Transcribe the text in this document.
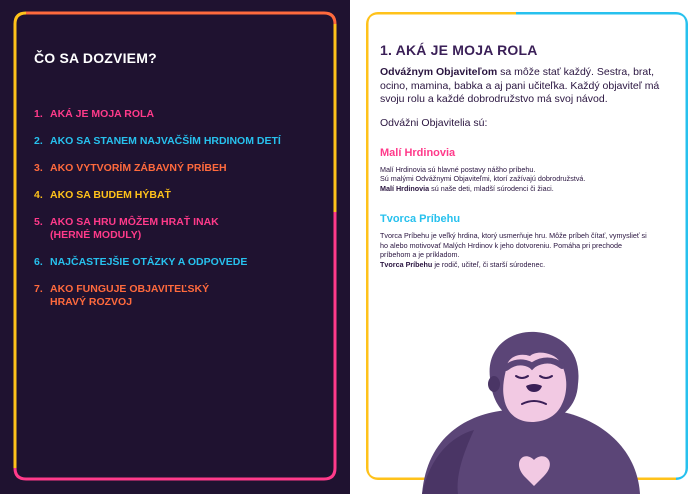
ČO SA DOZVIEM?
1. AKÁ JE MOJA ROLA
2. AKO SA STANEM NAJVAČŠÍM HRDINOM DETÍ
3. AKO VYTVORÍM ZÁBAVNÝ PRÍBEH
4. AKO SA BUDEM HÝBAŤ
5. AKO SA HRU MÔŽEM HRAŤ INAK (HERNÉ MODULY)
6. NAJČASTEJŠIE OTÁZKY A ODPOVEDE
7. AKO FUNGUJE OBJAVITEĽSKÝ HRAVÝ ROZVOJ
1. AKÁ JE MOJA ROLA

Odvážnym Objaviteľom sa môže stať každý. Sestra, brat, ocino, mamina, babka a aj pani učiteľka. Každý objaviteľ má svoju rolu a každé dobrodružstvo má svoj návod.

Odvážni Objavitelia sú:

Malí Hrdinovia

Malí Hrdinovia sú hlavné postavy nášho príbehu.
Sú malými Odvážnymi Objaviteľmi, ktorí zažívajú dobrodružstvá.
Malí Hrdinovia sú naše deti, mladší súrodenci či žiaci.

Tvorca Príbehu

Tvorca Príbehu je veľký hrdina, ktorý usmerňuje hru. Môže príbeh čítať, vymyslieť si ho alebo motivovať Malých Hrdinov k jeho dotvoreniu. Pomáha pri prechode príbehom a je príkladom.
Tvorca Príbehu je rodič, učiteľ, či starší súrodenec.
